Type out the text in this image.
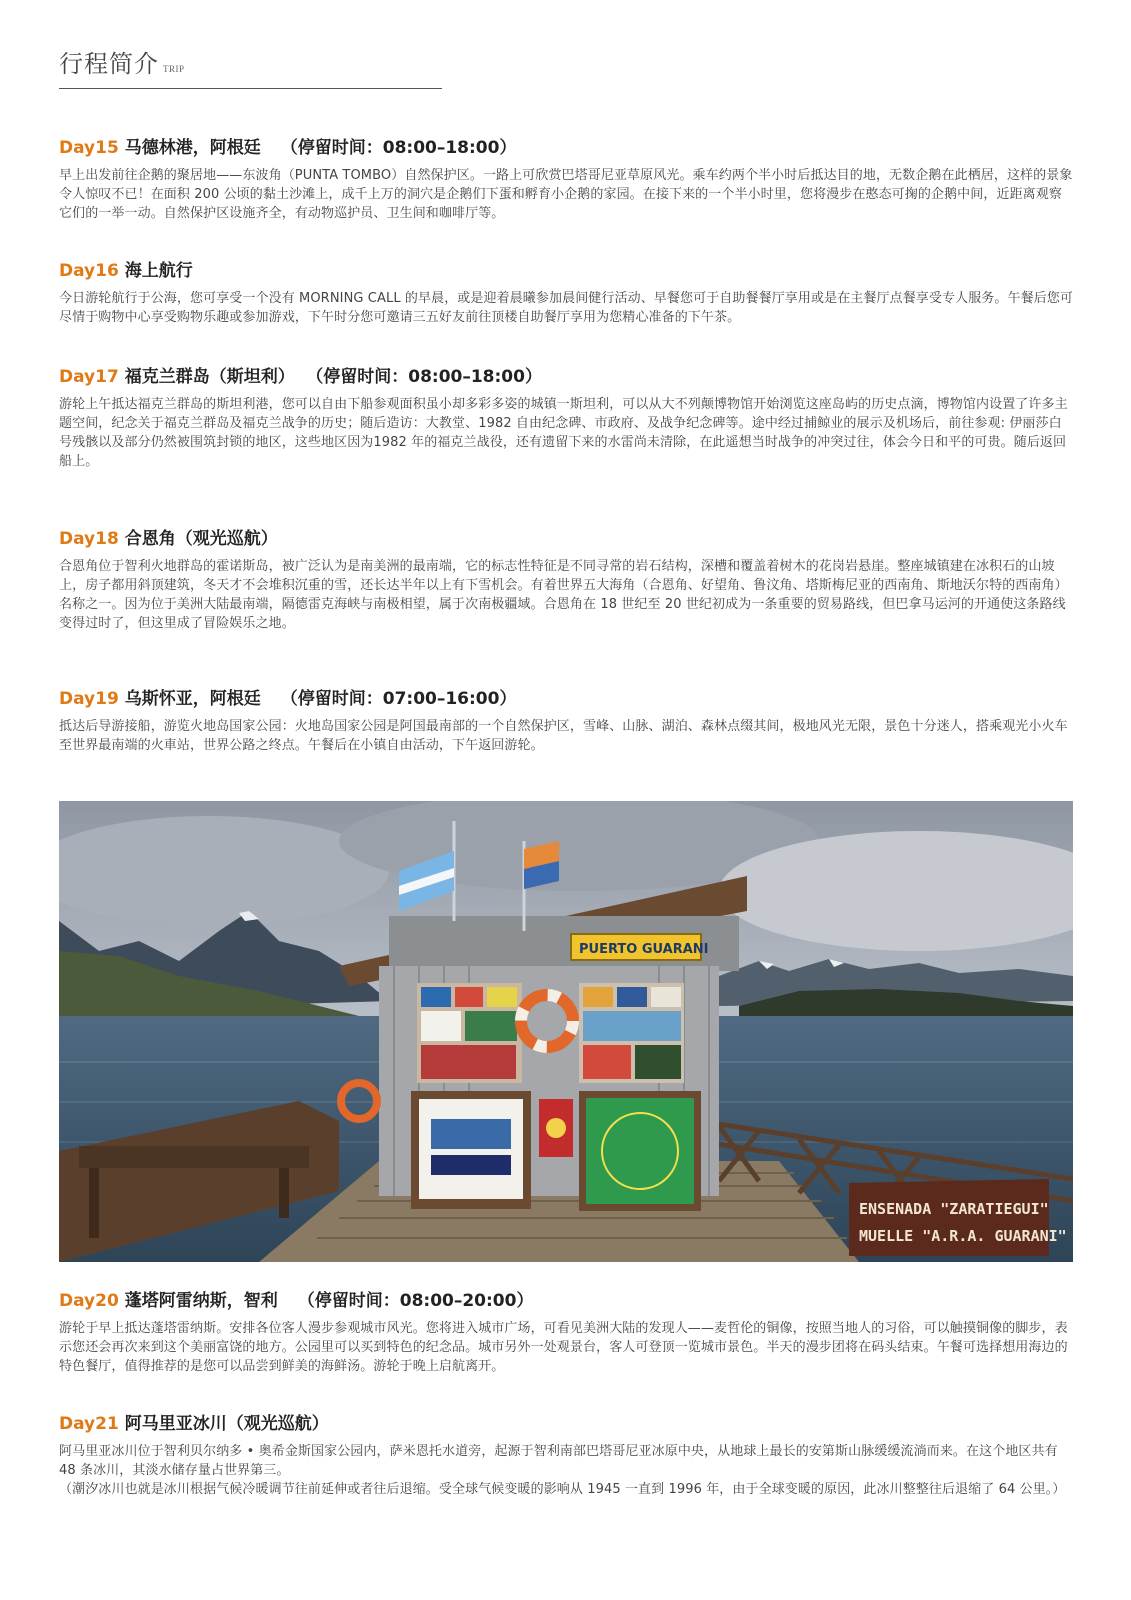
行程简介 TRIP
Day15 马德林港，阿根廷 （停留时间：08:00–18:00）

早上出发前往企鹅的聚居地——东波角（PUNTA TOMBO）自然保护区。一路上可欣赏巴塔哥尼亚草原风光。乘车约两个半小时后抵达目的地，无数企鹅在此栖居，这样的景象令人惊叹不已！在面积 200 公顷的黏土沙滩上，成千上万的洞穴是企鹅们下蛋和孵育小企鹅的家园。在接下来的一个半小时里，您将漫步在憨态可掬的企鹅中间，近距离观察它们的一举一动。自然保护区设施齐全，有动物巡护员、卫生间和咖啡厅等。

Day16 海上航行

今日游轮航行于公海，您可享受一个没有 MORNING CALL 的早晨，或是迎着晨曦参加晨间健行活动、早餐您可于自助餐餐厅享用或是在主餐厅点餐享受专人服务。午餐后您可尽情于购物中心享受购物乐趣或参加游戏，下午时分您可邀请三五好友前往顶楼自助餐厅享用为您精心准备的下午茶。

Day17 福克兰群岛（斯坦利） （停留时间：08:00–18:00）

游轮上午抵达福克兰群岛的斯坦利港，您可以自由下船参观面积虽小却多彩多姿的城镇一斯坦利，可以从大不列颠博物馆开始浏览这座岛屿的历史点滴，博物馆内设置了许多主题空间，纪念关于福克兰群岛及福克兰战争的历史；随后造访：大教堂、1982 自由纪念碑、市政府、及战争纪念碑等。途中经过捕鲸业的展示及机场后，前往参观: 伊丽莎白号残骸以及部分仍然被围筑封锁的地区，这些地区因为1982 年的福克兰战役，还有遗留下来的水雷尚未清除，在此遥想当时战争的冲突过往，体会今日和平的可贵。随后返回船上。

Day18 合恩角（观光巡航）

合恩角位于智利火地群岛的霍诺斯岛，被广泛认为是南美洲的最南端，它的标志性特征是不同寻常的岩石结构，深槽和覆盖着树木的花岗岩悬崖。整座城镇建在冰积石的山坡上，房子都用斜顶建筑，冬天才不会堆积沉重的雪，还长达半年以上有下雪机会。有着世界五大海角（合恩角、好望角、鲁汶角、塔斯梅尼亚的西南角、斯地沃尔特的西南角）名称之一。因为位于美洲大陆最南端，隔德雷克海峡与南极相望，属于次南极疆域。合恩角在 18 世纪至 20 世纪初成为一条重要的贸易路线，但巴拿马运河的开通使这条路线变得过时了，但这里成了冒险娱乐之地。

Day19 乌斯怀亚，阿根廷 （停留时间：07:00–16:00）

抵达后导游接船，游览火地岛国家公园：火地岛国家公园是阿国最南部的一个自然保护区，雪峰、山脉、湖泊、森林点缀其间，极地风光无限，景色十分迷人，搭乘观光小火车至世界最南端的火車站，世界公路之终点。午餐后在小镇自由活动，下午返回游轮。

ENSENADA "ZARATIEGUI"
MUELLE "A.R.A. GUARANI"
PUERTO GUARANI
Day20 蓬塔阿雷纳斯，智利 （停留时间：08:00–20:00）

游轮于早上抵达蓬塔雷纳斯。安排各位客人漫步参观城市风光。您将进入城市广场，可看见美洲大陆的发现人——麦哲伦的铜像，按照当地人的习俗，可以触摸铜像的脚步，表示您还会再次来到这个美丽富饶的地方。公园里可以买到特色的纪念品。城市另外一处观景台，客人可登顶一览城市景色。半天的漫步团将在码头结束。午餐可选择想用海边的特色餐厅，值得推荐的是您可以品尝到鲜美的海鲜汤。游轮于晚上启航离开。

Day21 阿马里亚冰川（观光巡航）

阿马里亚冰川位于智利贝尔纳多 • 奥希金斯国家公园内，萨米恩托水道旁，起源于智利南部巴塔哥尼亚冰原中央，从地球上最长的安第斯山脉缓缓流淌而来。在这个地区共有 48 条冰川，其淡水储存量占世界第三。

（潮汐冰川也就是冰川根据气候冷暖调节往前延伸或者往后退缩。受全球气候变暖的影响从 1945 一直到 1996 年，由于全球变暖的原因，此冰川整整往后退缩了 64 公里。）
